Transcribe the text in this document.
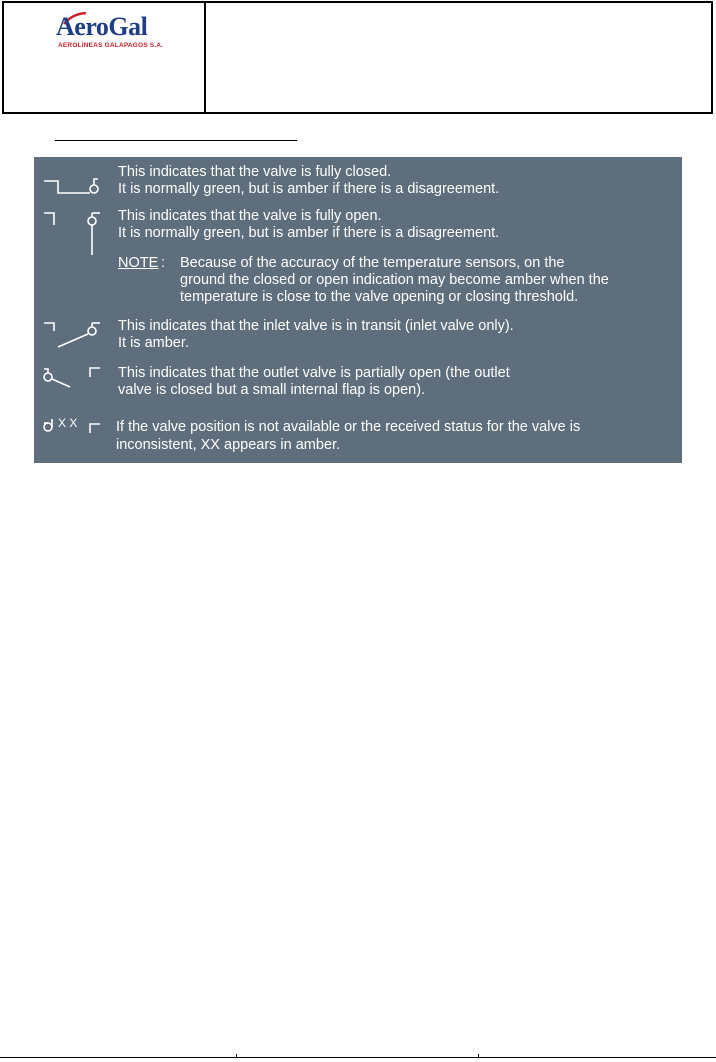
AeroGal
AEROLINEAS GALAPAGOS S.A.
This indicates that the valve is fully closed.
It is normally green, but is amber if there is a disagreement.
This indicates that the valve is fully open.
It is normally green, but is amber if there is a disagreement.
NOTE : Because of the accuracy of the temperature sensors, on the
ground the closed or open indication may become amber when the
temperature is close to the valve opening or closing threshold.
This indicates that the inlet valve is in transit (inlet valve only).
It is amber.
This indicates that the outlet valve is partially open (the outlet
valve is closed but a small internal flap is open).
X X	If the valve position is not available or the received status for the valve is
inconsistent, XX appears in amber.
